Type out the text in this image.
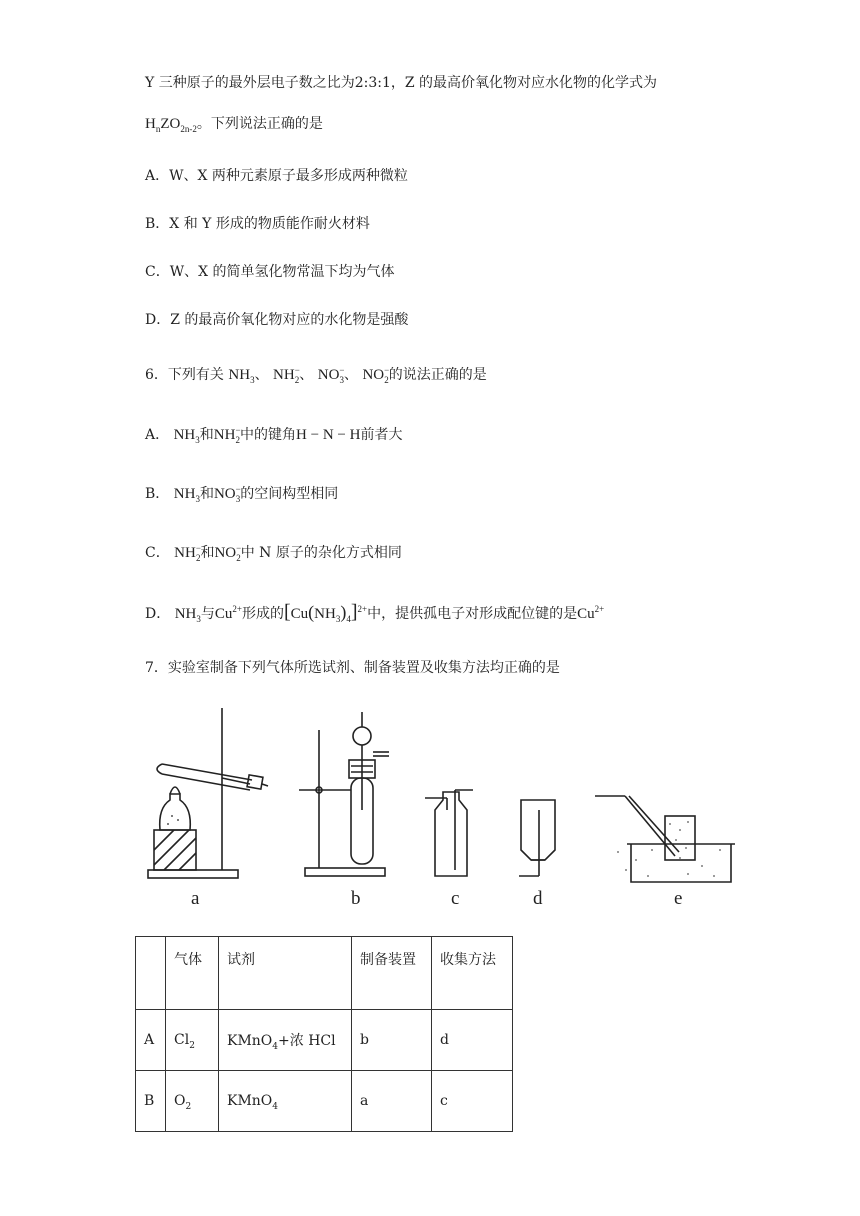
Y 三种原子的最外层电子数之比为2:3:1，Z 的最高价氧化物对应水化物的化学式为
$H_nZO_{2n-2}$。下列说法正确的是
A．W、X 两种元素原子最多形成两种微粒
B．X 和 Y 形成的物质能作耐火材料
C．W、X 的简单氢化物常温下均为气体
D．Z 的最高价氧化物对应的水化物是强酸
6．下列有关 $NH_3$、 $NH^-_2$、 $NO^-_3$、 $NO^-_2$的说法正确的是
A． $NH_3$和$NH^-_2$中的键角H − N − H前者大
B． $NH_3$和$NO^-_3$的空间构型相同
C． $NH^-_2$和$NO^-_2$中 N 原子的杂化方式相同
D． $NH_3$与$Cu^{2+}$形成的$[Cu(NH_3)_4]^{2+}$中，提供孤电子对形成配位键的是$Cu^{2+}$
7．实验室制备下列气体所选试剂、制备装置及收集方法均正确的是
a	b	c	d	e
	气体	试剂	制备装置	收集方法
A	$Cl_2$	KMnO$_4$+浓 HCl	b	d
B	$O_2$	KMnO$_4$	a	c
